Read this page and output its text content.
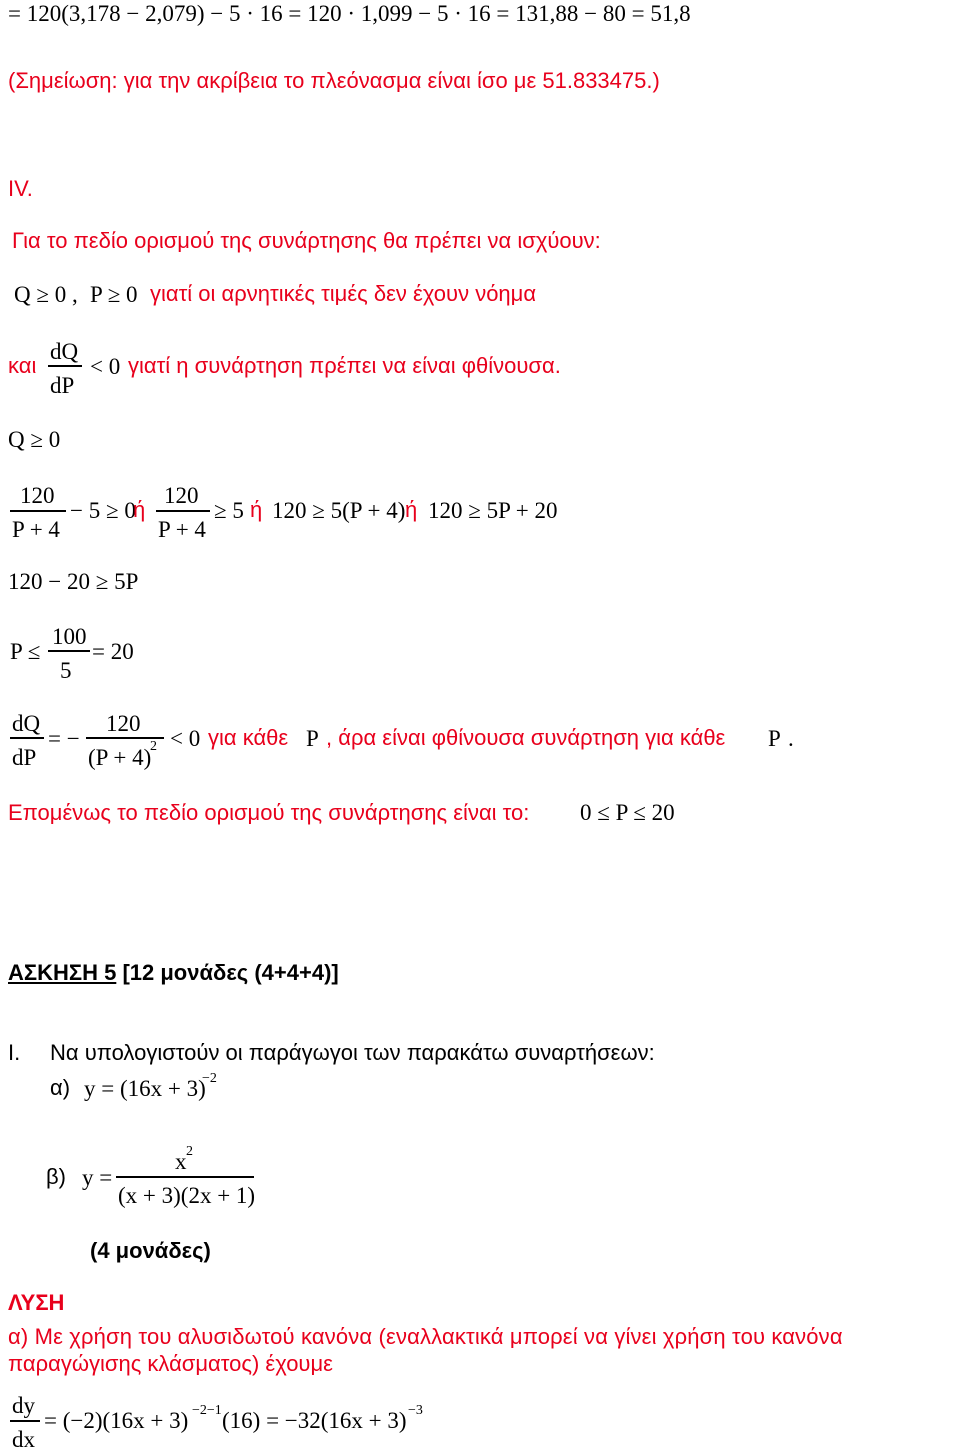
= 120(3,178 − 2,079) − 5 · 16 = 120 · 1,099 − 5 · 16 = 131,88 − 80 = 51,8
(Σημείωση: για την ακρίβεια το πλεόνασμα είναι ίσο με 51.833475.)
IV.
Για το πεδίο ορισμού της συνάρτησης θα πρέπει να ισχύουν:
Q ≥ 0 , P ≥ 0 γιατί οι αρνητικές τιμές δεν έχουν νόημα
και
dQ
dP
< 0 γιατί η συνάρτηση πρέπει να είναι φθίνουσα.
Q ≥ 0
120
P + 4
− 5 ≥ 0
ή
120
P + 4
≥ 5 ή 120 ≥ 5(P + 4) ή 120 ≥ 5P + 20
120 − 20 ≥ 5P
P ≤
100
5
= 20
dQ
dP
= −
120
(P + 4)
2 < 0 για κάθε P , άρα είναι φθίνουσα συνάρτηση για κάθε P .
Επομένως το πεδίο ορισμού της συνάρτησης είναι το: 0 ≤ P ≤ 20
ΑΣΚΗΣΗ 5 [12 μονάδες (4+4+4)]
I. Να υπολογιστούν οι παράγωγοι των παρακάτω συναρτήσεων:
α) y = (16x + 3)
−2
β) y =
x 2
(x + 3)(2x + 1)
(4 μονάδες)
ΛΥΣΗ
α) Με χρήση του αλυσιδωτού κανόνα (εναλλακτικά μπορεί να γίνει χρήση του κανόνα
παραγώγισης κλάσματος) έχουμε
dy
dx
= (−2)(16x + 3) −2−1 (16) = −32(16x + 3) −3
